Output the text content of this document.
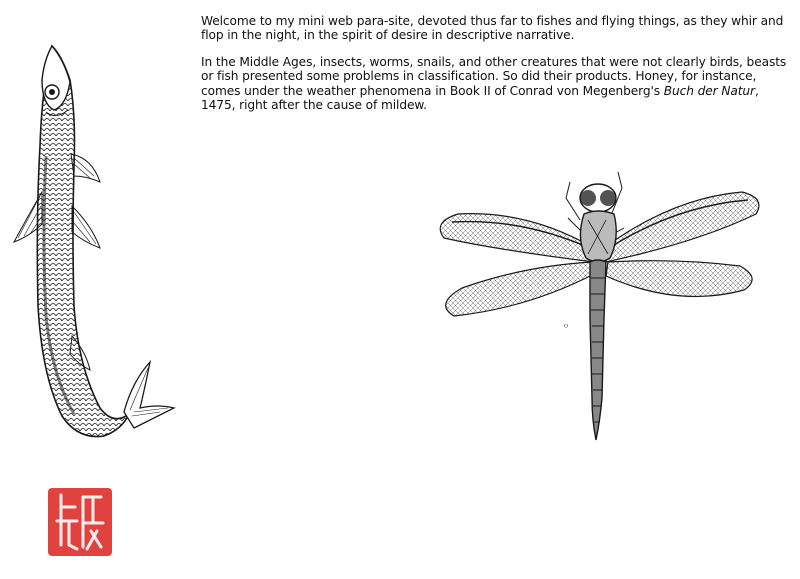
Welcome to my mini web para-site, devoted thus far to fishes and flying things, as they whir and flop in the night, in the spirit of desire in descriptive narrative.

In the Middle Ages, insects, worms, snails, and other creatures that were not clearly birds, beasts or fish presented some problems in classification. So did their products. Honey, for instance, comes under the weather phenomena in Book II of Conrad von Megenberg's Buch der Natur, 1475, right after the cause of mildew.

ᴼ
